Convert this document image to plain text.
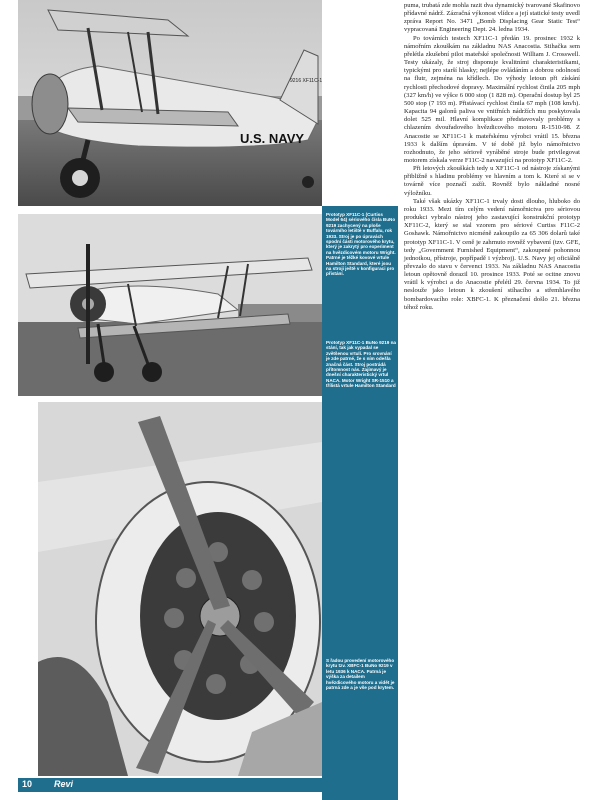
U.S. NAVY
9216 XF11C-1
Prototyp XF11C-1 (Curtiss Model 64) sériového čísla BuNo 9219 zachycený na ploše továrního letiště v Buffalu, rok 1933. Stroj je po úpravách spodní části motorového krytu, který je zakrytý pro experiment na hvězdicovém motoru Wright. Patrné je těžké kovové vrtule Hamilton Standard, které jsou na stroji ještě v konfiguraci pro přistání.
Prototyp XF11C-1 BuNo 9219 na stání, tak jak vypadal se zvětšenou vrtulí. Pro srovnání je zde patrné, že s ním odešla značná část. Stroj postrádá přítomnost nás. Zajímavý je dnešní charakteristický vrtul NACA. Motor Wright SR-1510 a třílistá vrtule Hamilton Standard
S řadou provedení motorového krytu tzv. XBFC-1 BuNo 9219 v letu 1936 k NACA. Patrná je výška za detailem hvězdicového motoru a vidět je patrná zde a je vše pod krytem.

puma, trubatá zde mohla razit dva dynamický tvarované Skafinovo přídavné nádrž. Zázračná výkonost vlídce a její statické testy uvedl zpráva Report No. 3471 „Bomb Displacing Gear Static Test“ vypracovaná Engineering Dept. 24. ledna 1934.

Po továrních testech XF11C-1 předán 19. prosinec 1932 k námořním zkouškám na základnu NAS Anacostia. Stihačka sem přelétla zkušební pilot mateřské společnosti William J. Crosswell. Testy ukázaly, že stroj disponuje kvalitními charakteristikami, typickými pro starší hlasky; nejlépe ovládáním a dobrou odolností na flutr, zejména na křídlech. Do výhody letoun při získání rychlosti přechodové dopravy. Maximální rychlost činila 205 mph (327 km/h) ve výšce 6 000 stop (1 828 m). Operační dostup byl 25 500 stop (7 193 m). Přistávací rychlost činila 67 mph (108 km/h). Kapacita 94 galonů paliva ve vnitřních nádržích mu poskytovala dolet 525 mil. Hlavní komplikace představovaly problémy s chlazením dvouřadového hvězdicového motoru R-1510-98. Z Anacostie se XF11C-1 k mateřskému výrobci vrátil 15. března 1933 k dalším úpravám. V té době již bylo námořnictvo rozhodnuto, že jeho sériově vyráběné stroje bude privilegovat motorem získala verze F11C-2 navazující na prototyp XF11C-2.

Při letových zkouškách tedy u XF11C-1 od nástroje získanými přibližně s hladinu problémy ve hlavním a tom k. Které si se v továrně více poznačí zažít. Rovněž bylo nákladné nosné výložníku.

Také však ukázky XF11C-1 trvaly dosti dlouho, hluboko do roku 1933. Mezi tím celým vedení námořnictva pro sériovou produkci vybralo nástroj jeho zastavující konstrukční prototyp XF11C-2, který se stal vzorem pro sériové Curtiss F11C-2 Goshawk. Námořnictvo nicméně zakoupilo za 65 306 dolarů také prototyp XF11C-1. V ceně je zahrnuto rovněž vybavení (tzv. GFE, tedy „Government Furnished Equipment“, zakoupené pohonnou jednotkou, přístroje, popřípadě i výzbroj). U.S. Navy jej oficiálně převzalo do stavu v červenci 1933. Na základnu NAS Anacostia letoun opětovně dorazil 10. prosince 1933. Poté se ocitne znovu vrátil k výrobci a do Anacostie přelétl 29. června 1934. To již neslouže jako letoun k zkoušení stíhacího a střemhlavého bombardovacího role: XBFC-1. K přeznačení došlo 21. března téhož roku.

10 Revi
